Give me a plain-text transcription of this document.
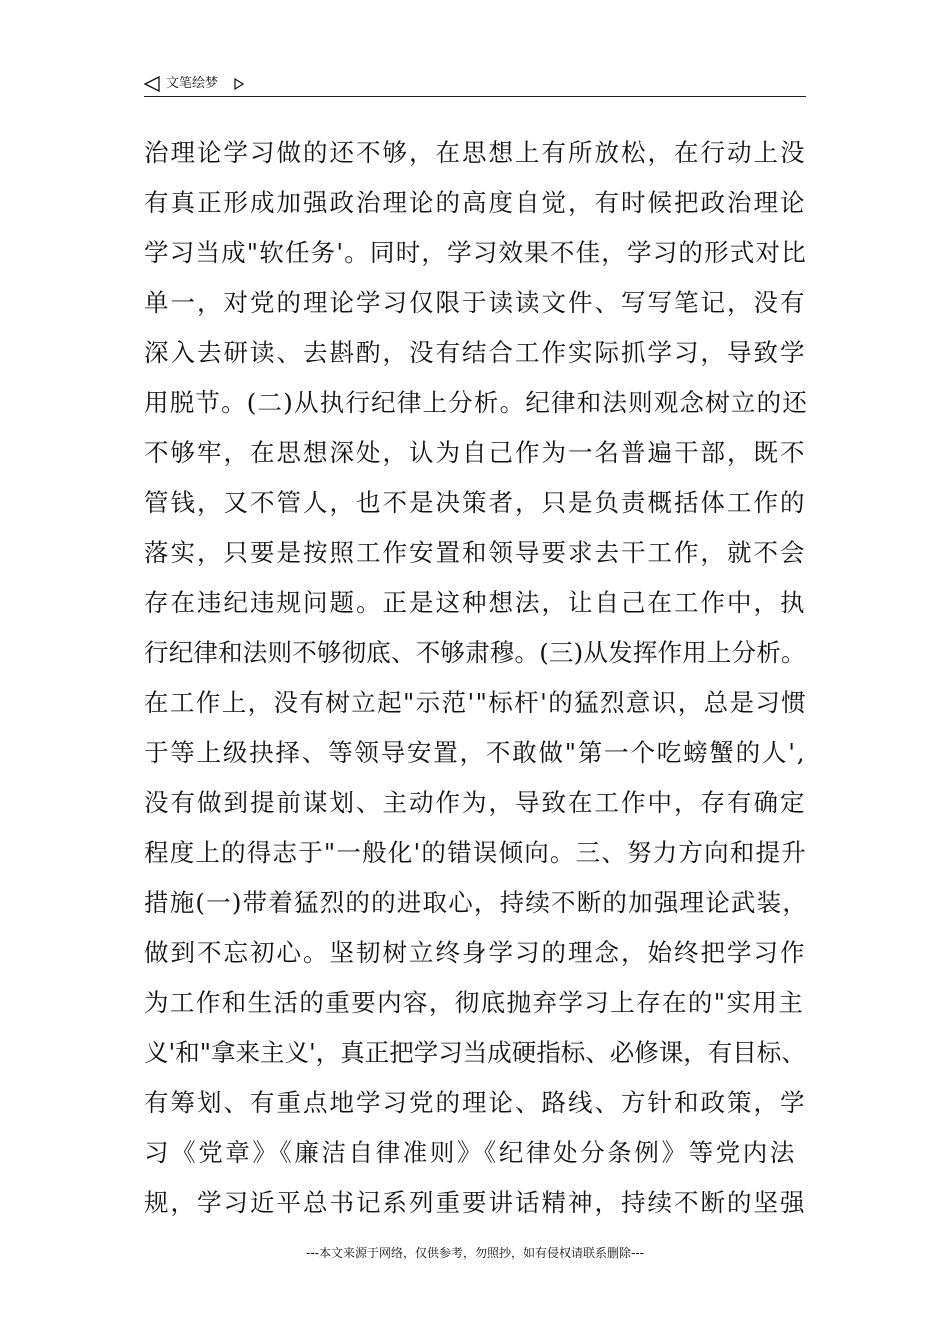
文笔绘梦
治理论学习做的还不够，在思想上有所放松，在行动上没
有真正形成加强政治理论的高度自觉，有时候把政治理论
学习当成"软任务'。同时，学习效果不佳，学习的形式对比
单一，对党的理论学习仅限于读读文件、写写笔记，没有
深入去研读、去斟酌，没有结合工作实际抓学习，导致学
用脱节。(二)从执行纪律上分析。纪律和法则观念树立的还
不够牢，在思想深处，认为自己作为一名普遍干部，既不
管钱，又不管人，也不是决策者，只是负责概括体工作的
落实，只要是按照工作安置和领导要求去干工作，就不会
存在违纪违规问题。正是这种想法，让自己在工作中，执
行纪律和法则不够彻底、不够肃穆。(三)从发挥作用上分析。
在工作上，没有树立起"示范'"标杆'的猛烈意识，总是习惯
于等上级抉择、等领导安置，不敢做"第一个吃螃蟹的人',
没有做到提前谋划、主动作为，导致在工作中，存有确定
程度上的得志于"一般化'的错误倾向。三、努力方向和提升
措施(一)带着猛烈的的进取心，持续不断的加强理论武装，
做到不忘初心。坚韧树立终身学习的理念，始终把学习作
为工作和生活的重要内容，彻底抛弃学习上存在的"实用主
义'和"拿来主义'，真正把学习当成硬指标、必修课，有目标、
有筹划、有重点地学习党的理论、路线、方针和政策，学
习《党章》《廉洁自律准则》《纪律处分条例》等党内法
规，学习近平总书记系列重要讲话精神，持续不断的坚强
---本文来源于网络，仅供参考，勿照抄，如有侵权请联系删除---
